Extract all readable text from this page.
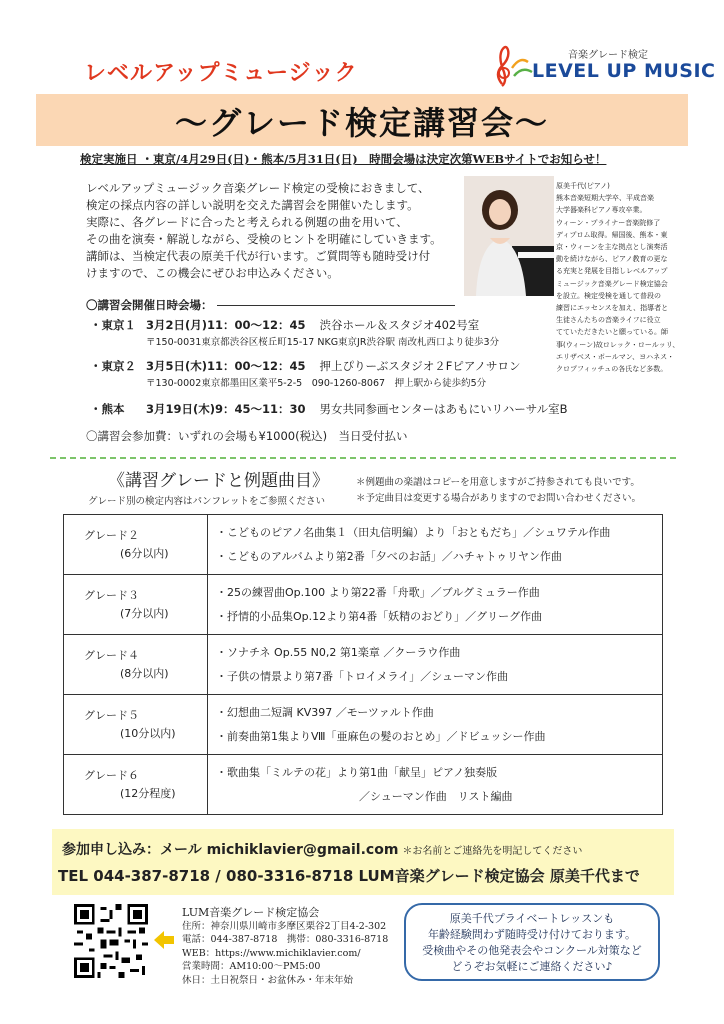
レベルアップミュージック
音楽グレード検定
LEVEL UP MUSIC
〜グレード検定講習会〜
検定実施日 ・東京/4月29日(日)・熊本/5月31日(日)　時間会場は決定次第WEBサイトでお知らせ！

レベルアップミュージック音楽グレード検定の受検におきまして、

検定の採点内容の詳しい説明を交えた講習会を開催いたします。

実際に、各グレードに合ったと考えられる例題の曲を用いて、

その曲を演奏・解説しながら、受検のヒントを明確にしていきます。

講師は、当検定代表の原美千代が行います。ご質問等も随時受け付

けますので、この機会にぜひお申込みください。

原美千代(ピアノ)

熊本音楽短期大学卒、平成音楽

大学器楽科ピアノ専攻卒業。

ウィーン・プライナー音楽院修了

ディプロム取得。帰国後、熊本・東

京・ウィーンを主な拠点とし演奏活

動を続けながら、ピアノ教育の更な

る充実と発展を目指しレベルアップ

ミュージック音楽グレード検定協会

を設立。検定受検を通して普段の

練習にエッセンスを加え、指導者と

生徒さんたちの音楽ライフに役立

てていただきたいと願っている。師

事(ウィーン)故ロレック・ロールッリ、

エリザベス・ボールマン、ヨハネス・

クロプフィッチュの各氏など多数。

〇講習会開催日時会場：
・東京１ 3月2日(月)11：00〜12：45 渋谷ホール＆スタジオ402号室
〒150-0031東京都渋谷区桜丘町15-17 NKG東京JR渋谷駅 南改札西口より徒歩3分
・東京２ 3月5日(木)11：00〜12：45 押上ぴりーぶスタジオ２Fピアノサロン
〒130-0002東京都墨田区業平5-2-5　090-1260-8067　押上駅から徒歩約5分
・熊本 3月19日(木)9：45〜11：30 男女共同参画センターはあもにいリハーサル室B
〇講習会参加費：いずれの会場も¥1000(税込)　当日受付払い
《講習グレードと例題曲目》
グレード別の検定内容はパンフレットをご参照ください

＊例題曲の楽譜はコピーを用意しますがご持参されても良いです。

＊予定曲目は変更する場合がありますのでお問い合わせください。

グレード２
(6分以内)	・こどものピアノ名曲集１（田丸信明編）より「おともだち」／シュワテル作曲
・こどものアルバムより第2番「夕べのお話」／ハチャトゥリヤン作曲

グレード３
(7分以内)	・25の練習曲Op.100 より第22番「舟歌」／ブルグミュラー作曲
・抒情的小品集Op.12より第4番「妖精のおどり」／グリーグ作曲

グレード４
(8分以内)	・ソナチネ Op.55 N0,2 第1楽章 ／クーラウ作曲
・子供の情景より第7番「トロイメライ」／シューマン作曲

グレード５
(10分以内)	・幻想曲二短調 KV397 ／モーツァルト作曲
・前奏曲第1集よりⅧ「亜麻色の髪のおとめ」／ドビュッシー作曲

グレード６
(12分程度)	・歌曲集「ミルテの花」より第1曲「献呈」ピアノ独奏版
　　　　　　　　　　　　　／シューマン作曲　リスト編曲
参加申し込み：メール michiklavier@gmail.com ＊お名前とご連絡先を明記してください
TEL 044-387-8718 / 080-3316-8718 LUM音楽グレード検定協会 原美千代まで

LUM音楽グレード検定協会

住所：神奈川県川崎市多摩区栗谷2丁目4-2-302

電話：044-387-8718　携帯：080-3316-8718

WEB：https://www.michiklavier.com/

営業時間：AM10:00〜PM5:00

休日：土日祝祭日・お盆休み・年末年始

原美千代プライベートレッスンも

年齢経験問わず随時受け付けております。

受検曲やその他発表会やコンクール対策など

どうぞお気軽にご連絡ください♪
